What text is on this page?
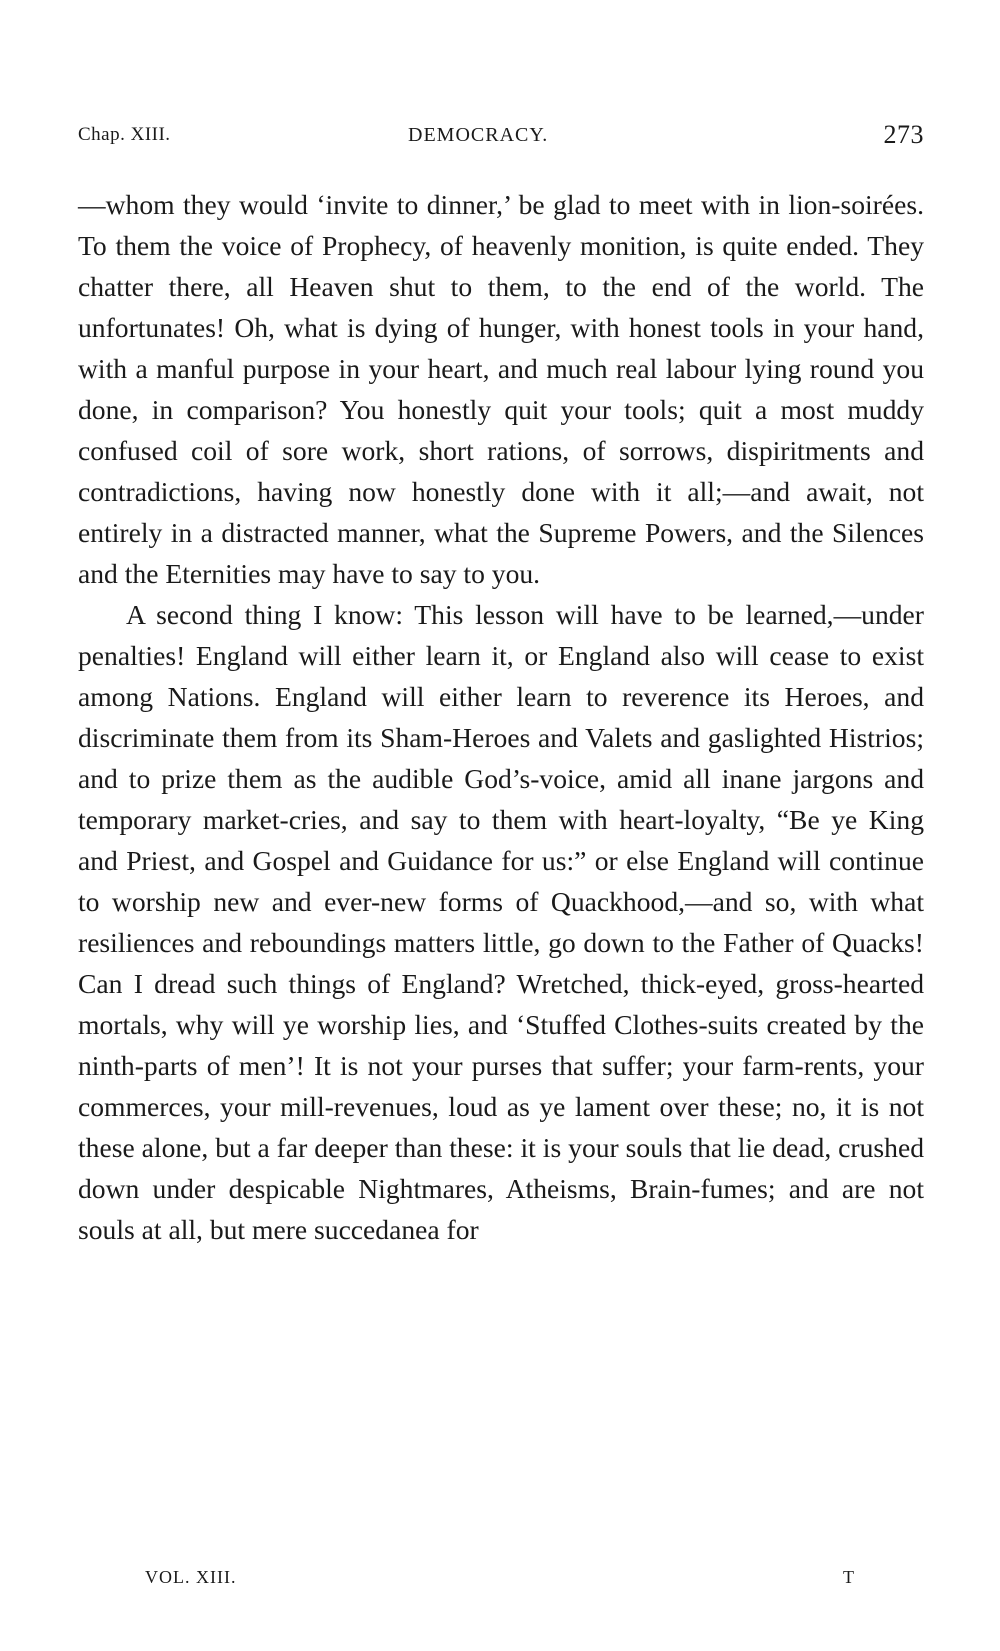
Chap. XIII.	DEMOCRACY.	273

—whom they would ‘invite to dinner,’ be glad to meet with in lion-soirées. To them the voice of Prophecy, of heavenly monition, is quite ended. They chatter there, all Heaven shut to them, to the end of the world. The unfortunates! Oh, what is dying of hunger, with honest tools in your hand, with a manful purpose in your heart, and much real labour lying round you done, in comparison? You honestly quit your tools; quit a most muddy confused coil of sore work, short rations, of sorrows, dispiritments and contradictions, having now honestly done with it all;—and await, not entirely in a distracted manner, what the Supreme Powers, and the Silences and the Eternities may have to say to you.

A second thing I know: This lesson will have to be learned,—under penalties! England will either learn it, or England also will cease to exist among Nations. England will either learn to reverence its Heroes, and discriminate them from its Sham-Heroes and Valets and gaslighted Histrios; and to prize them as the audible God’s-voice, amid all inane jargons and temporary market-cries, and say to them with heart-loyalty, “Be ye King and Priest, and Gospel and Guidance for us:” or else England will continue to worship new and ever-new forms of Quackhood,—and so, with what resiliences and reboundings matters little, go down to the Father of Quacks! Can I dread such things of England? Wretched, thick-eyed, gross-hearted mortals, why will ye worship lies, and ‘Stuffed Clothes-suits created by the ninth-parts of men’! It is not your purses that suffer; your farm-rents, your commerces, your mill-revenues, loud as ye lament over these; no, it is not these alone, but a far deeper than these: it is your souls that lie dead, crushed down under despicable Nightmares, Atheisms, Brain-fumes; and are not souls at all, but mere succedanea for

VOL. XIII.	T
